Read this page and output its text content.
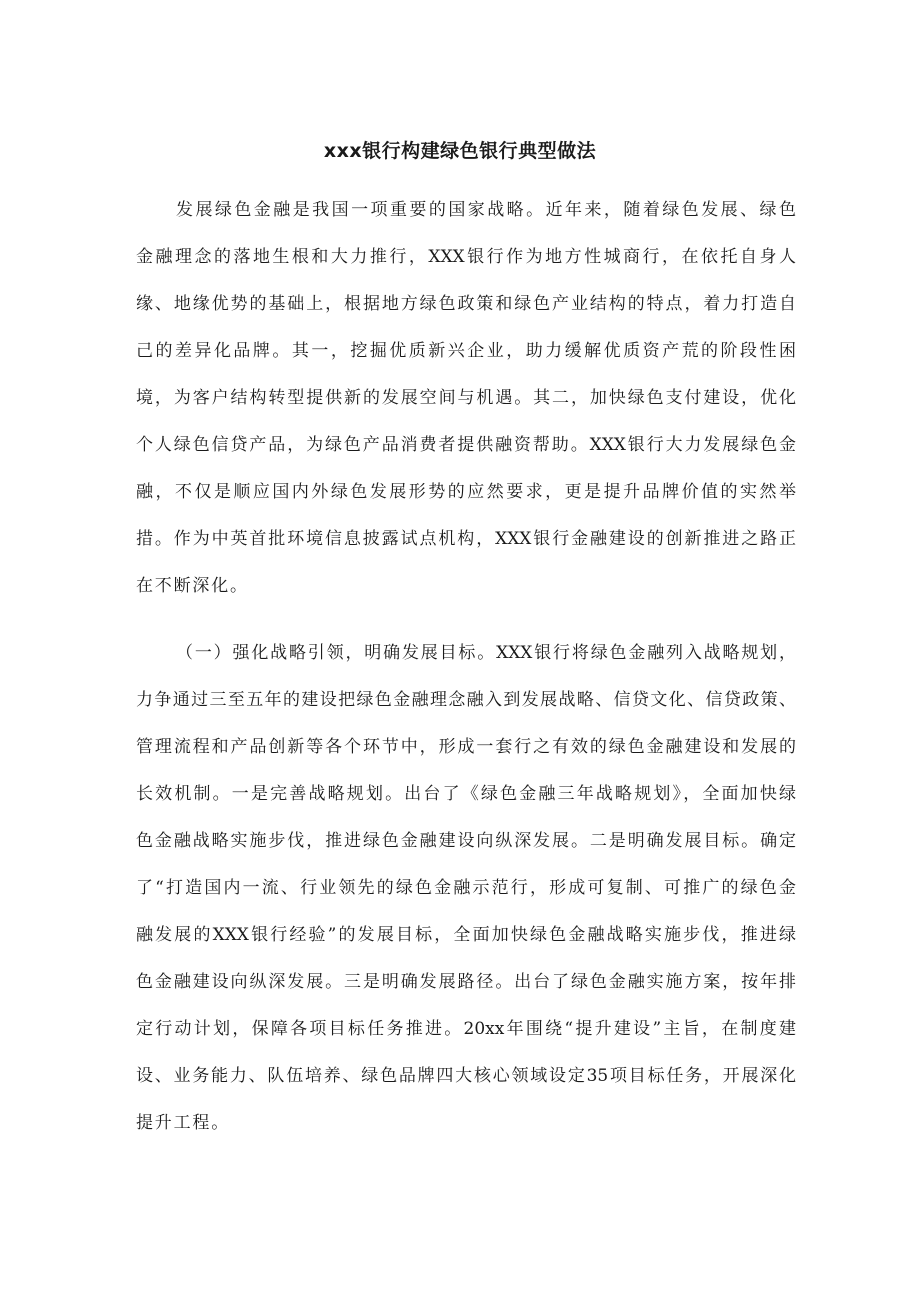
xxx银行构建绿色银行典型做法
发展绿色金融是我国一项重要的国家战略。近年来，随着绿色发展、绿色
金融理念的落地生根和大力推行，XXX银行作为地方性城商行，在依托自身人
缘、地缘优势的基础上，根据地方绿色政策和绿色产业结构的特点，着力打造自
己的差异化品牌。其一，挖掘优质新兴企业，助力缓解优质资产荒的阶段性困
境，为客户结构转型提供新的发展空间与机遇。其二，加快绿色支付建设，优化
个人绿色信贷产品，为绿色产品消费者提供融资帮助。XXX银行大力发展绿色金
融，不仅是顺应国内外绿色发展形势的应然要求，更是提升品牌价值的实然举
措。作为中英首批环境信息披露试点机构，XXX银行金融建设的创新推进之路正
在不断深化。
（一）强化战略引领，明确发展目标。XXX银行将绿色金融列入战略规划，
力争通过三至五年的建设把绿色金融理念融入到发展战略、信贷文化、信贷政策、
管理流程和产品创新等各个环节中，形成一套行之有效的绿色金融建设和发展的
长效机制。一是完善战略规划。出台了《绿色金融三年战略规划》，全面加快绿
色金融战略实施步伐，推进绿色金融建设向纵深发展。二是明确发展目标。确定
了“打造国内一流、行业领先的绿色金融示范行，形成可复制、可推广的绿色金
融发展的XXX银行经验”的发展目标，全面加快绿色金融战略实施步伐，推进绿
色金融建设向纵深发展。三是明确发展路径。出台了绿色金融实施方案，按年排
定行动计划，保障各项目标任务推进。20xx年围绕“提升建设”主旨，在制度建
设、业务能力、队伍培养、绿色品牌四大核心领域设定35项目标任务，开展深化
提升工程。
